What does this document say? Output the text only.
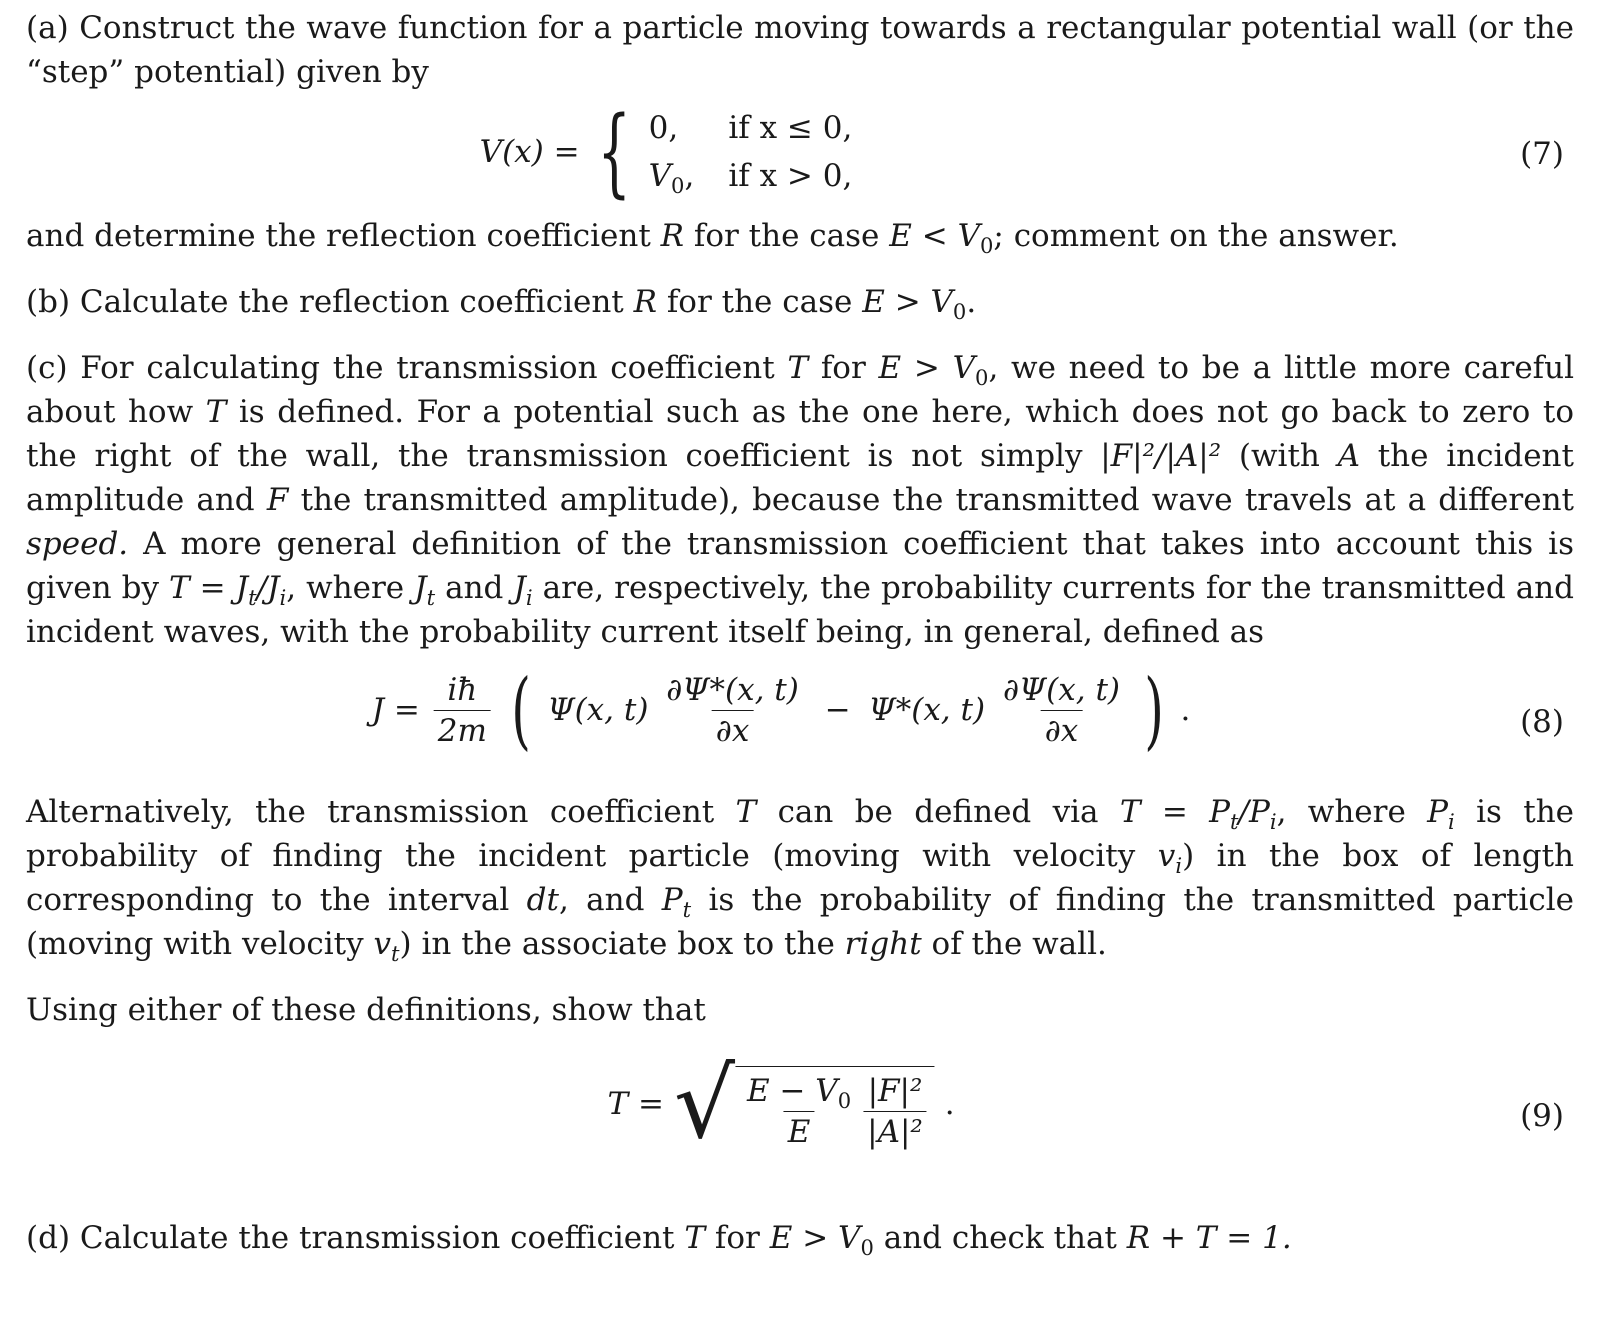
(a) Construct the wave function for a particle moving towards a rectangular potential wall (or the “step” potential) given by

V(x) = { 0,	if x ≤ 0,
$V_0$, if x > 0,
(7)

and determine the reflection coefficient R for the case $E < V_0$; comment on the answer.

(b) Calculate the reflection coefficient R for the case $E > V_0$.

(c) For calculating the transmission coefficient T for $E > V_0$, we need to be a little more careful about how T is defined. For a potential such as the one here, which does not go back to zero to the right of the wall, the transmission coefficient is not simply |F|²/|A|² (with A the incident amplitude and F the transmitted amplitude), because the transmitted wave travels at a different speed. A more general definition of the transmission coefficient that takes into account this is given by $T = J_t/J_i$, where $J_t$ and $J_i$ are, respectively, the probability currents for the transmitted and incident waves, with the probability current itself being, in general, defined as

$J = \frac{iħ}{2m}$ ( Ψ(x, $t) \frac{\partial\Psi*(x, t)}{\partial x} - \Psi*(x$, $t) \frac{\partial\Psi(x, t)}{\partial x}$ ) .	(8)

Alternatively, the transmission coefficient T can be defined via $T = P_t/P_i$, where $P_i$ is the probability of finding the incident particle (moving with velocity $v_i$) in the box of length corresponding to the interval dt, and $P_t$ is the probability of finding the transmitted particle (moving with velocity $v_t$) in the associate box to the right of the wall.

Using either of these definitions, show that

T = √ $\frac{E - V_0}{E} \frac{\text{|F|²}}{\text{|A|²}}$ .	(9)

(d) Calculate the transmission coefficient T for $E > V_0$ and check that R + T = 1.
